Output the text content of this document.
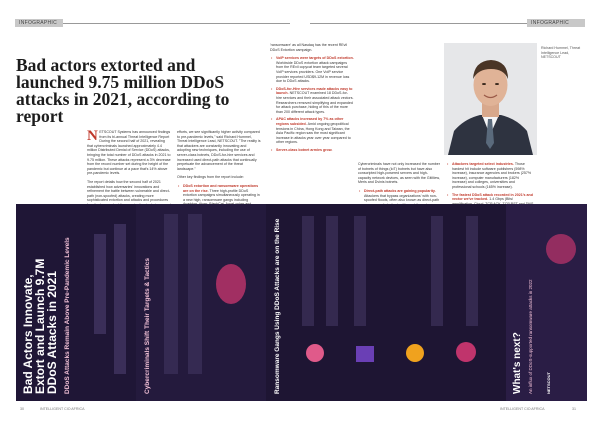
INFOGRAPHIC	INFOGRAPHIC
Bad actors extorted and launched 9.75 million DDoS attacks in 2021, according to report

NETSCOUT Systems has announced findings from its bi-annual Threat Intelligence Report During the second half of 2021, revealing that cybercriminals launched approximately 4.4 million Distributed Denial of Service (DDoS) attacks, bringing the total number of DDoS attacks in 2021 to 9.75 million. These attacks represent a 3% decrease from the record number set during the height of the pandemic but continue at a pace that's 14% above pre-pandemic levels.

The report details how the second half of 2021 established how adversaries' innovations and refinement the battle between vulnerable and direct-path (non-spoofed) attacks, creating more sophisticated extortion and attacks and procedures

efforts, we see significantly higher activity compared to pre-pandemic levels," said Richard Hummel, Threat Intelligence Lead, NETSCOUT. "The reality is that attackers are constantly innovating and adopting new techniques, including the use of server-class botnets, DDoS-for-hire services and increased used direct-path attacks that continually perpetuate the advancement of the threat landscape."

Other key findings from the report include:

• DDoS extortion and ransomware operations are on the rise. Three high-profile DDoS extortion campaigns simultaneously operating in a new high, ransomware gangs including

'ransomware' as all Nasdaq has the recent REvil DDoS Extortion campaign.

• VoIP services were targets of DDoS extortion. Worldwide DDoS extortion attack campaigns from the REvil copycat team targeted several VoIP services providers. One VoIP service provider reported USD$9-12M in revenue loss due to DDoS attacks.
• DDoS-for-Hire services made attacks easy to launch. NETSCOUT examined 18 DDoS-for-hire services and their associated attack vectors. Researchers removed simplifying and expanded for attack purchase, hiding of this of the more than 200 different attack types.
• APAC attacks increased by 7% as other regions subsided. Amid ongoing geopolitical tensions in China, Hong Kong and Taiwan, the Asia Pacific region saw the most significant increase in attacks year over year compared to other regions.
• Server-class botnet armies grow.

Cybercriminals have not only increased the number of botnets of things (IoT) botnets but have also conscripted high-powered servers and high-capacity network devices, as seen with the GitMew, Meris and Dvinis botnets.

• Direct-path attacks are gaining popularity. Attackers that bypass organizations' with non-spoofed floods, often also known as direct-path
• Attackers targeted select industries. Those hardest hit include software publishers (598% increase), insurance agencies and brokers (257% increase), computer manufacturers (182% increase) and colleges, universities and professional schools (165% increase).
• The fastest DDoS attack recorded in 2021's and vector we've tracked. 1.4 Gbps (Bits/
Richard Hummel, Threat Intelligence Lead, NETSCOUT
Bad Actors Innovate,
Extort and Launch 9.7M
DDoS Attacks in 2021 DDoS Attacks Remain Above Pre-Pandemic Levels	Cybercriminals Shift Their Targets & Tactics	Ransomware Gangs Using DDoS Attacks are on the Rise	What's next? An influx of DDoS-supported ransomware attacks in 2022	NETSCOUT
30	INTELLIGENT CIO AFRICA	INTELLIGENT CIO AFRICA	31
